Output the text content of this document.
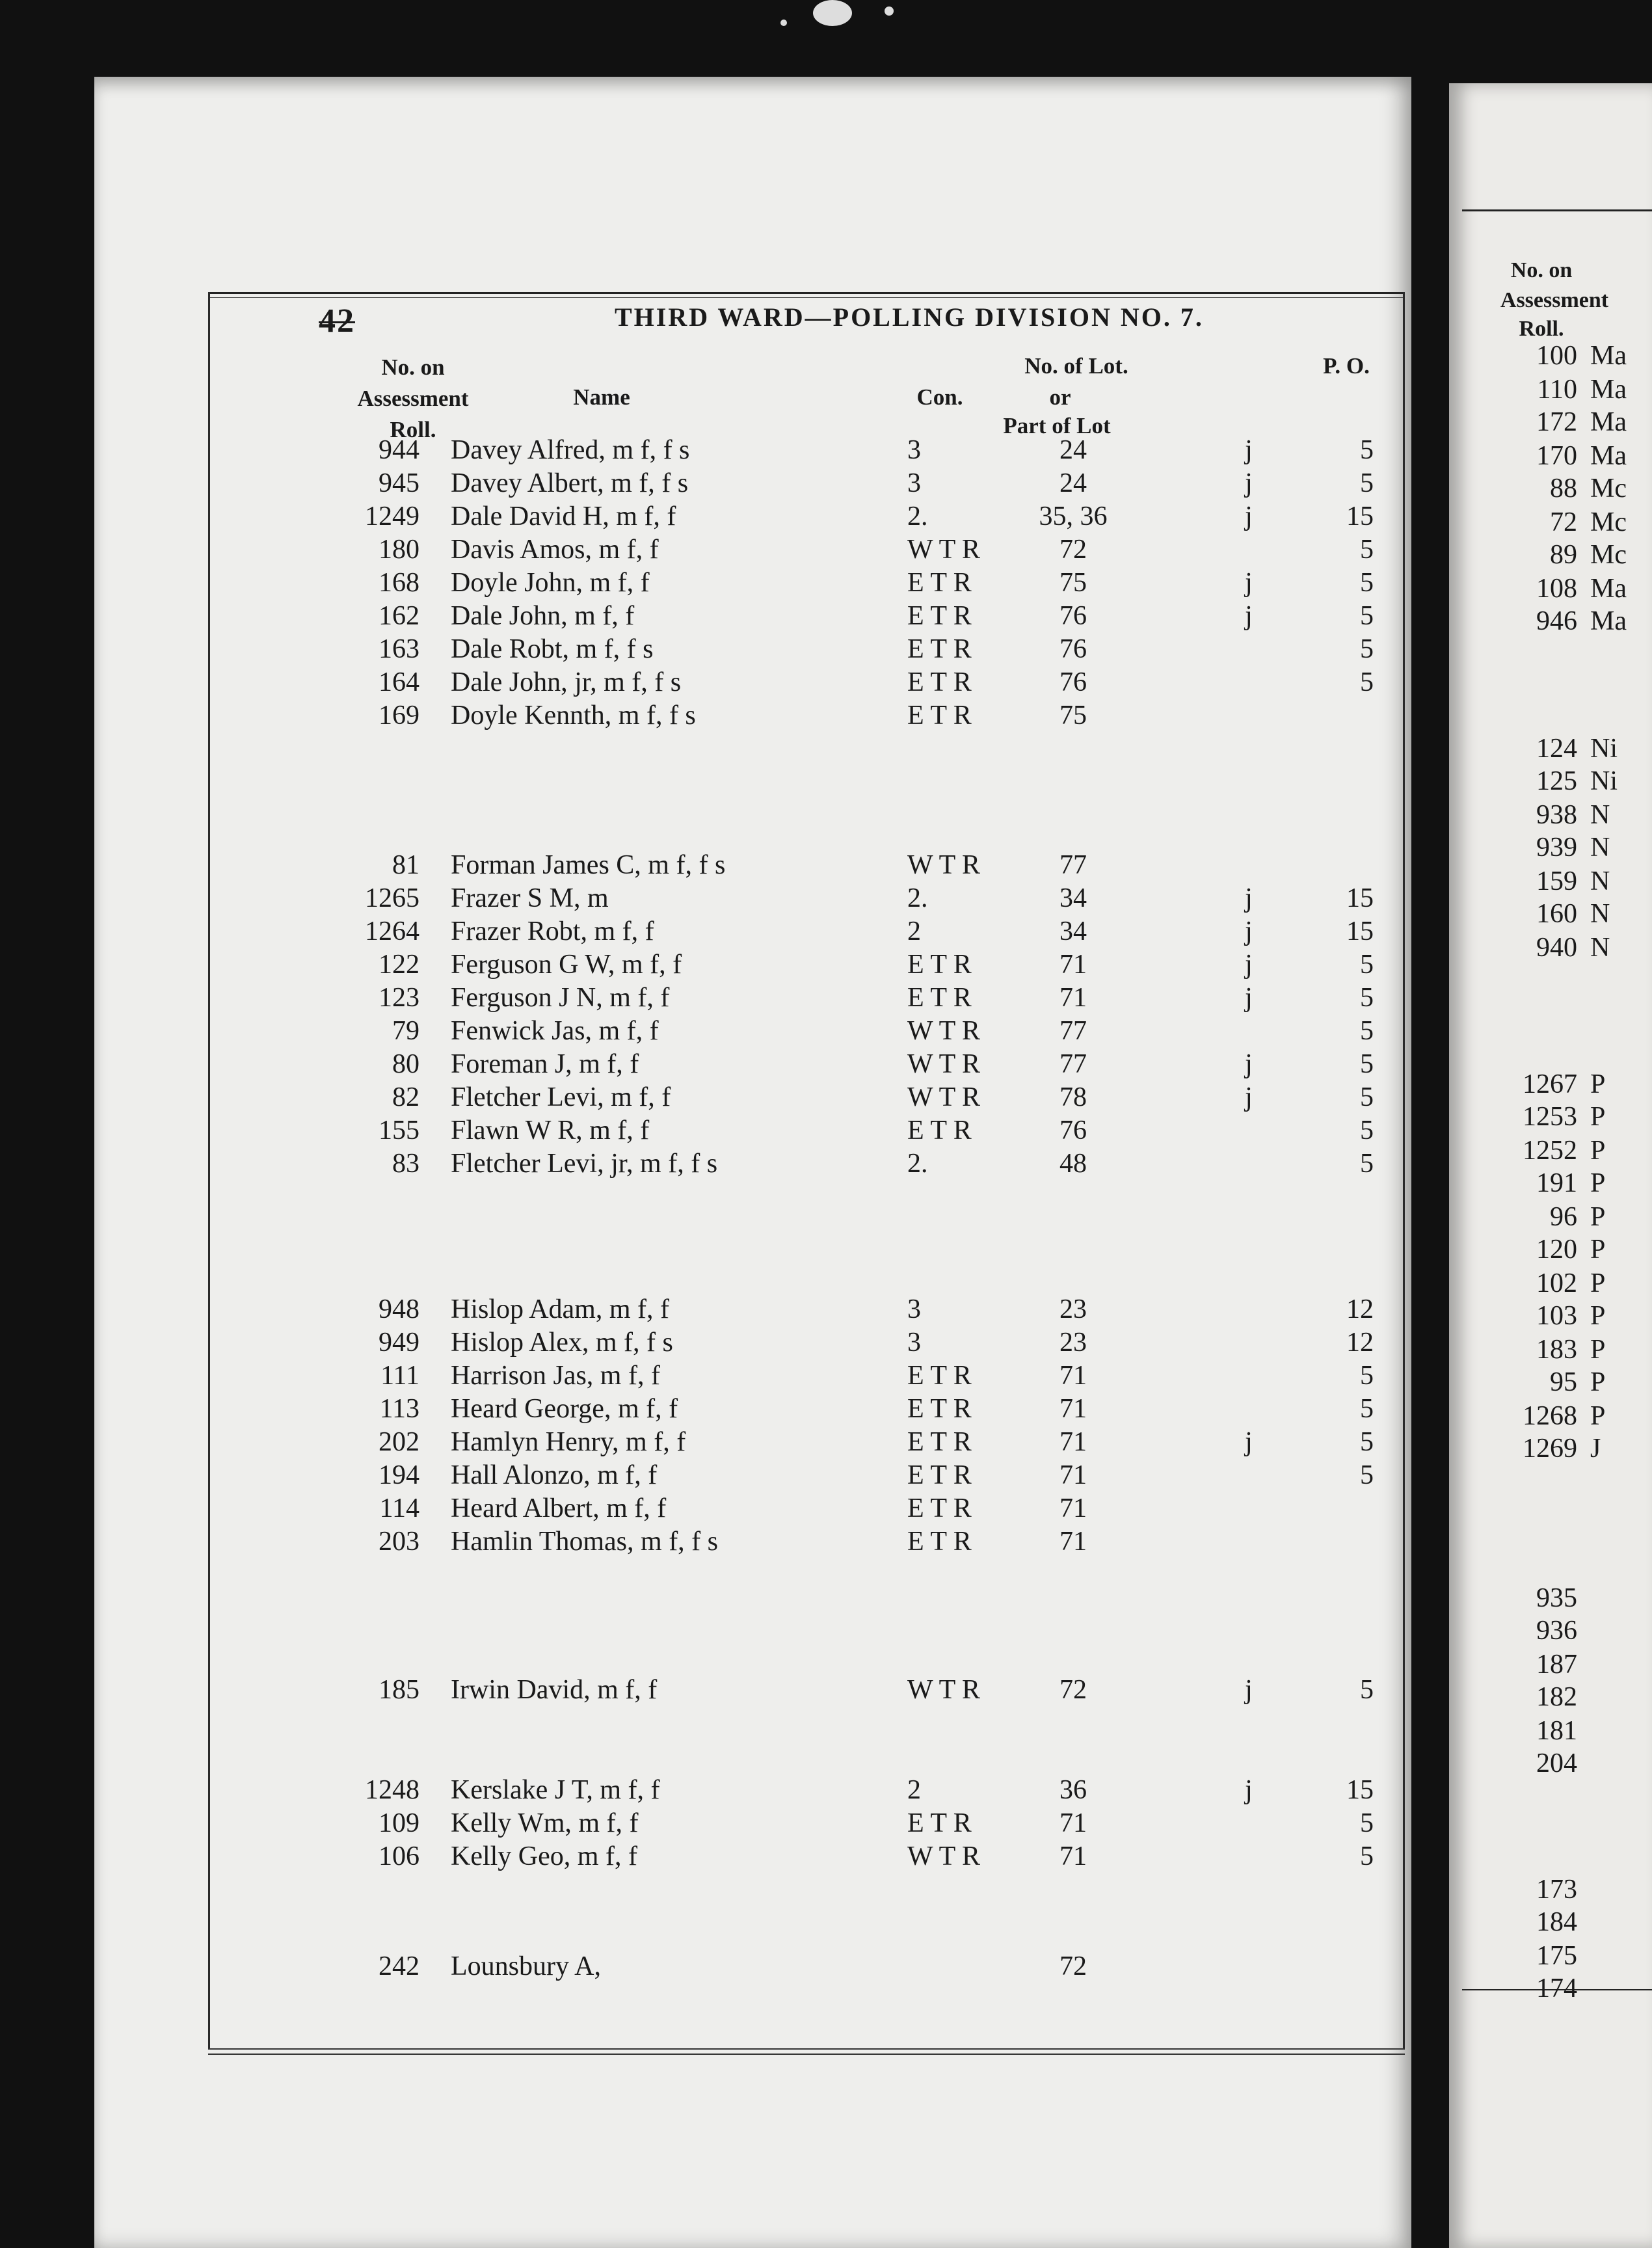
42	THIRD WARD—POLLING DIVISION NO. 7.
No. on
Assessment
Roll.
Name	Con.
No. of Lot.
or
Part of Lot
P. O.
944 Davey Alfred, m f, f s	3	24	j	5
945 Davey Albert, m f, f s	3	24	j	5
1249 Dale David H, m f, f	2.	35, 36	j	15
180 Davis Amos, m f, f	W T R	72	5
168 Doyle John, m f, f	E T R	75	j	5
162 Dale John, m f, f	E T R	76	j	5
163 Dale Robt, m f, f s	E T R	76	5
164 Dale John, jr, m f, f s	E T R	76	5
169 Doyle Kennth, m f, f s	E T R	75
81 Forman James C, m f, f s	W T R	77
1265 Frazer S M, m	2.	34	j	15
1264 Frazer Robt, m f, f	2	34	j	15
122 Ferguson G W, m f, f	E T R	71	j	5
123 Ferguson J N, m f, f	E T R	71	j	5
79 Fenwick Jas, m f, f	W T R	77	5
80 Foreman J, m f, f	W T R	77	j	5
82 Fletcher Levi, m f, f	W T R	78	j	5
155 Flawn W R, m f, f	E T R	76	5
83 Fletcher Levi, jr, m f, f s	2.	48	5
948 Hislop Adam, m f, f	3	23	12
949 Hislop Alex, m f, f s	3	23	12
111 Harrison Jas, m f, f	E T R	71	5
113 Heard George, m f, f	E T R	71	5
202 Hamlyn Henry, m f, f	E T R	71	j	5
194 Hall Alonzo, m f, f	E T R	71	5
114 Heard Albert, m f, f	E T R	71
203 Hamlin Thomas, m f, f s	E T R	71
185 Irwin David, m f, f	W T R	72	j	5
1248 Kerslake J T, m f, f	2	36	j	15
109 Kelly Wm, m f, f	E T R	71	5
106 Kelly Geo, m f, f	W T R	71	5
242 Lounsbury A,	72
No. on
Assessment
Roll.
100 Ma
110 Ma
172 Ma
170 Ma
88 Mc
72 Mc
89 Mc
108 Ma
946 Ma
124 Ni
125 Ni
938 N
939 N
159 N
160 N
940 N
1267 P
1253 P
1252 P
191 P
96 P
120 P
102 P
103 P
183 P
95 P
1268 P
1269 J
935
936
187
182
181
204
173
184
175
174
